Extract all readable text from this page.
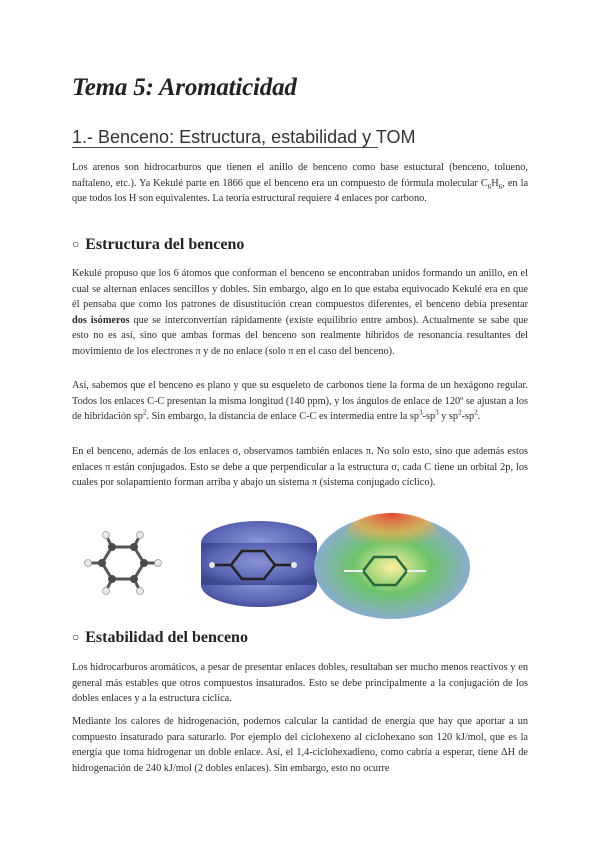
Tema 5: Aromaticidad
1.- Benceno: Estructura, estabilidad y TOM

Los arenos son hidrocarburos que tienen el anillo de benceno como base estuctural (benceno, tolueno, naftaleno, etc.). Ya Kekulé parte en 1866 que el benceno era un compuesto de fórmula molecular $C_6H_6$, en la que todos los H son equivalentes. La teoría estructural requiere 4 enlaces por carbono.

○ Estructura del benceno

Kekulé propuso que los 6 átomos que conforman el benceno se encontraban unidos formando un anillo, en el cual se alternan enlaces sencillos y dobles. Sin embargo, algo en lo que estaba equivocado Kekulé era en que él pensaba que como los patrones de disustitución crean compuestos diferentes, el benceno debía presentar dos isómeros que se interconvertían rápidamente (existe equilibrio entre ambos). Actualmente se sabe que esto no es así, sino que ambas formas del benceno son realmente híbridos de resonancia resultantes del movimiento de los electrones π y de no enlace (solo π en el caso del benceno).

Así, sabemos que el benceno es plano y que su esqueleto de carbonos tiene la forma de un hexágono regular. Todos los enlaces C-C presentan la misma longitud (140 ppm), y los ángulos de enlace de 120º se ajustan a los de hibridación $sp^2$. Sin embargo, la distancia de enlace C-C es intermedia entre la $sp^3-sp^3$ y $sp^2-sp^2$.

En el benceno, además de los enlaces σ, observamos también enlaces π. No solo esto, sino que además estos enlaces π están conjugados. Esto se debe a que perpendicular a la estructura σ, cada C tiene un orbital 2p, los cuales por solapamiento forman arriba y abajo un sistema π (sistema conjugado cíclico).

○ Estabilidad del benceno

Los hidrocarburos aromáticos, a pesar de presentar enlaces dobles, resultaban ser mucho menos reactivos y en general más estables que otros compuestos insaturados. Esto se debe principalmente a la conjugación de los dobles enlaces y a la estructura cíclica.

Mediante los calores de hidrogenación, podemos calcular la cantidad de energía que hay que aportar a un compuesto insaturado para saturarlo. Por ejemplo del ciclohexeno al ciclohexano son 120 kJ/mol, que es la energía que toma hidrogenar un doble enlace. Así, el 1,4-ciclohexadieno, como cabría a esperar, tiene ΔH de hidrogenación de 240 kJ/mol (2 dobles enlaces). Sin embargo, esto no ocurre
